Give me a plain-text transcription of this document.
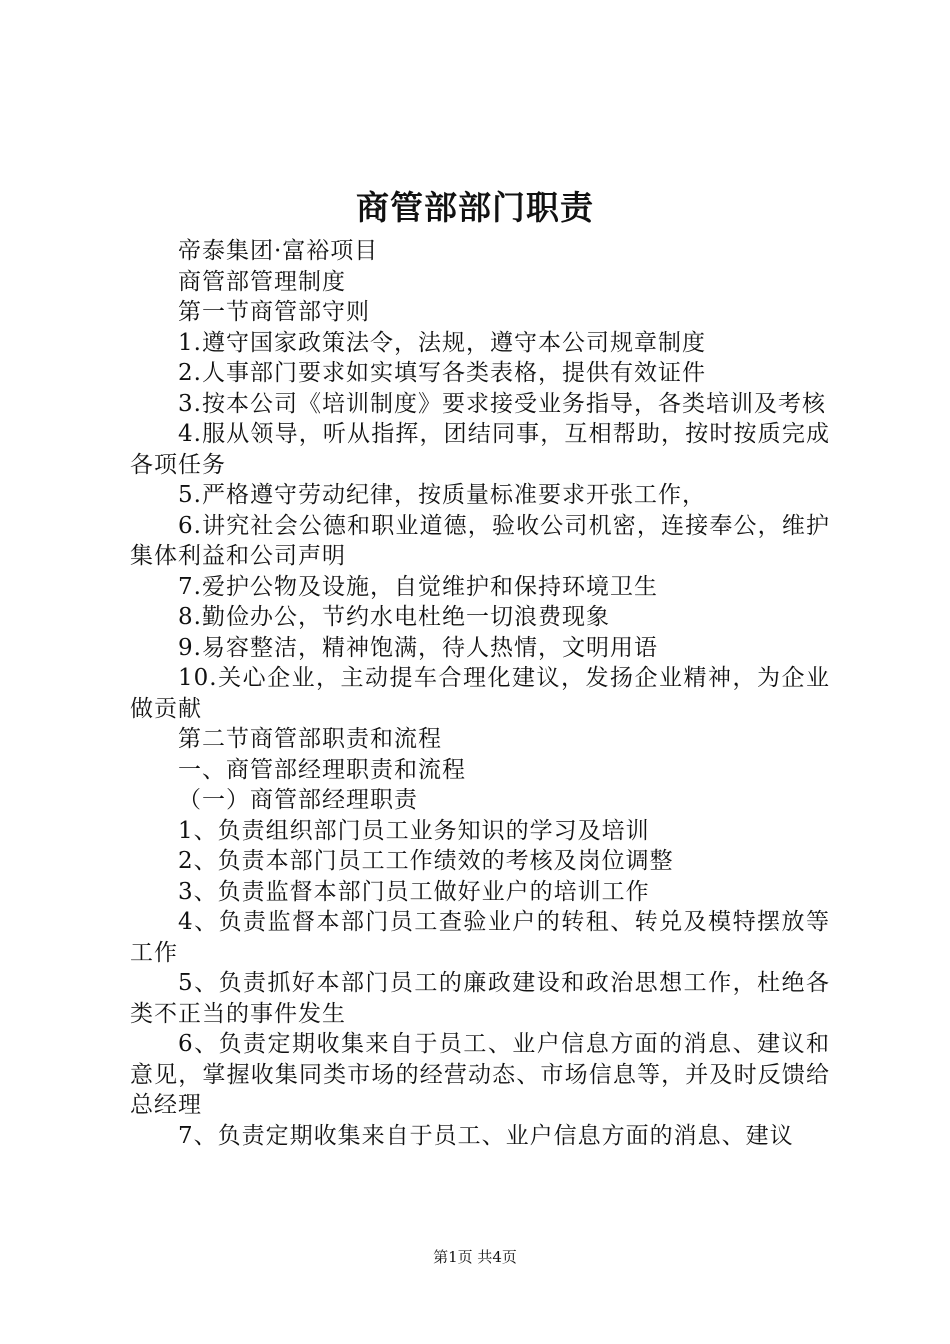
商管部部门职责

帝泰集团·富裕项目

商管部管理制度

第一节商管部守则

1.遵守国家政策法令，法规，遵守本公司规章制度

2.人事部门要求如实填写各类表格，提供有效证件

3.按本公司《培训制度》要求接受业务指导，各类培训及考核

4.服从领导，听从指挥，团结同事，互相帮助，按时按质完成各项任务

5.严格遵守劳动纪律，按质量标准要求开张工作，

6.讲究社会公德和职业道德，验收公司机密，连接奉公，维护集体利益和公司声明

7.爱护公物及设施，自觉维护和保持环境卫生

8.勤俭办公，节约水电杜绝一切浪费现象

9.易容整洁，精神饱满，待人热情，文明用语

10.关心企业，主动提车合理化建议，发扬企业精神，为企业做贡献

第二节商管部职责和流程

一、商管部经理职责和流程

（一）商管部经理职责

1、负责组织部门员工业务知识的学习及培训

2、负责本部门员工工作绩效的考核及岗位调整

3、负责监督本部门员工做好业户的培训工作

4、负责监督本部门员工查验业户的转租、转兑及模特摆放等工作

5、负责抓好本部门员工的廉政建设和政治思想工作，杜绝各类不正当的事件发生

6、负责定期收集来自于员工、业户信息方面的消息、建议和意见，掌握收集同类市场的经营动态、市场信息等，并及时反馈给总经理

7、负责定期收集来自于员工、业户信息方面的消息、建议

第1页 共4页
